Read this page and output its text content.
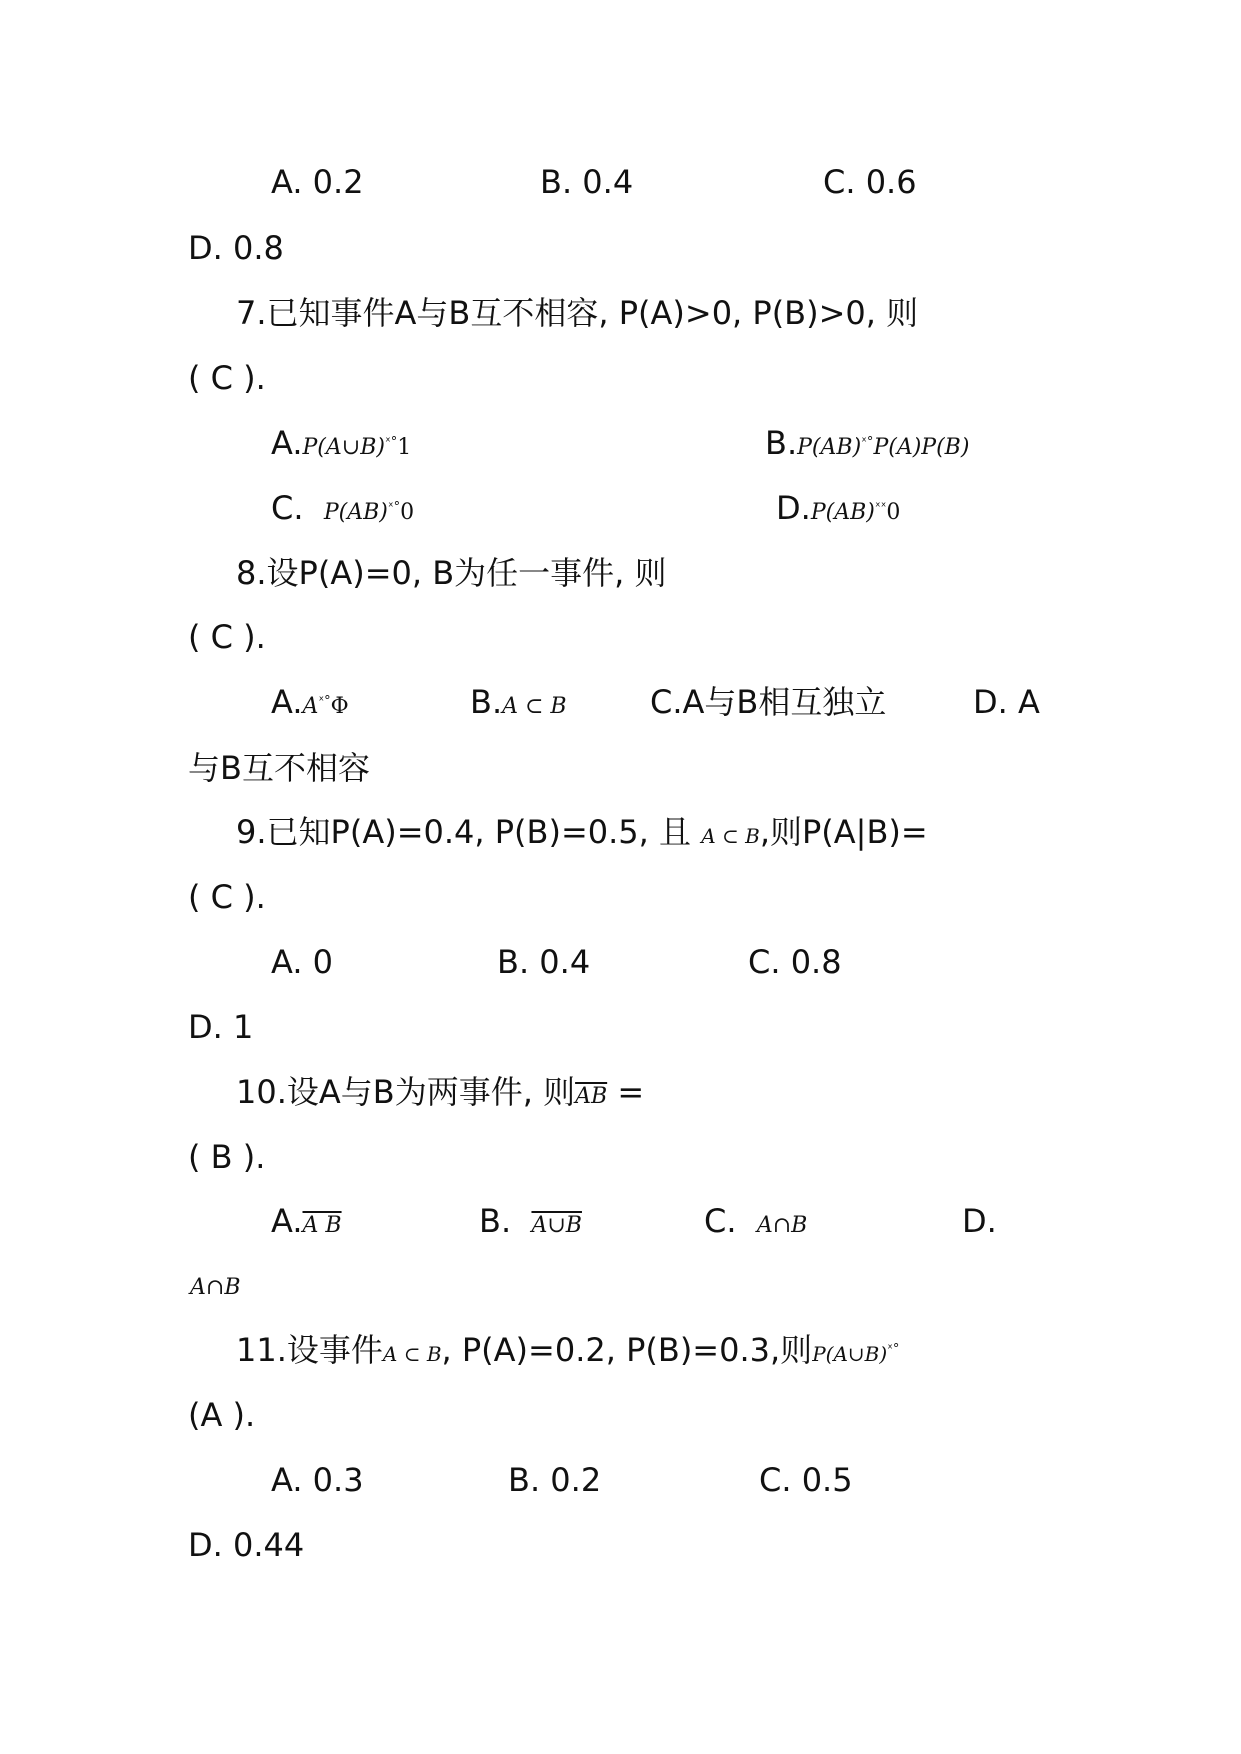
A. 0.2	B. 0.4	C. 0.6
D. 0.8
7.已知事件A与B互不相容, P(A)>0, P(B)>0, 则
( C ).
A.P(A∪B)$^{ˣ^\circ}$1	B.P(AB)$^{ˣ^\circ}$P(A)P(B)
C. P(AB)$^{ˣ^\circ}$0	D.P(AB)$^{ˣˣ}$0
8.设P(A)=0, B为任一事件, 则
( C ).
$A.A^{ˣ^\circ}\Phi$	B.A ⊂ B	C.A与B相互独立	D. A
与B互不相容
9.已知P(A)=0.4, P(B)=0.5, 且 A ⊂ B,则P(A|B)=
( C ).
A. 0	B. 0.4	C. 0.8
D. 1
10.设A与B为两事件, 则$\overline{AB}$ =
( B ).
A.A B	B. A∪B	C. A∩B	D.
A∩B
11.设事件A ⊂ B, P(A)=0.2, P(B)=0.3,则P(A∪B)$^{ˣ^\circ}$
(A ).
A. 0.3	B. 0.2	C. 0.5
D. 0.44
